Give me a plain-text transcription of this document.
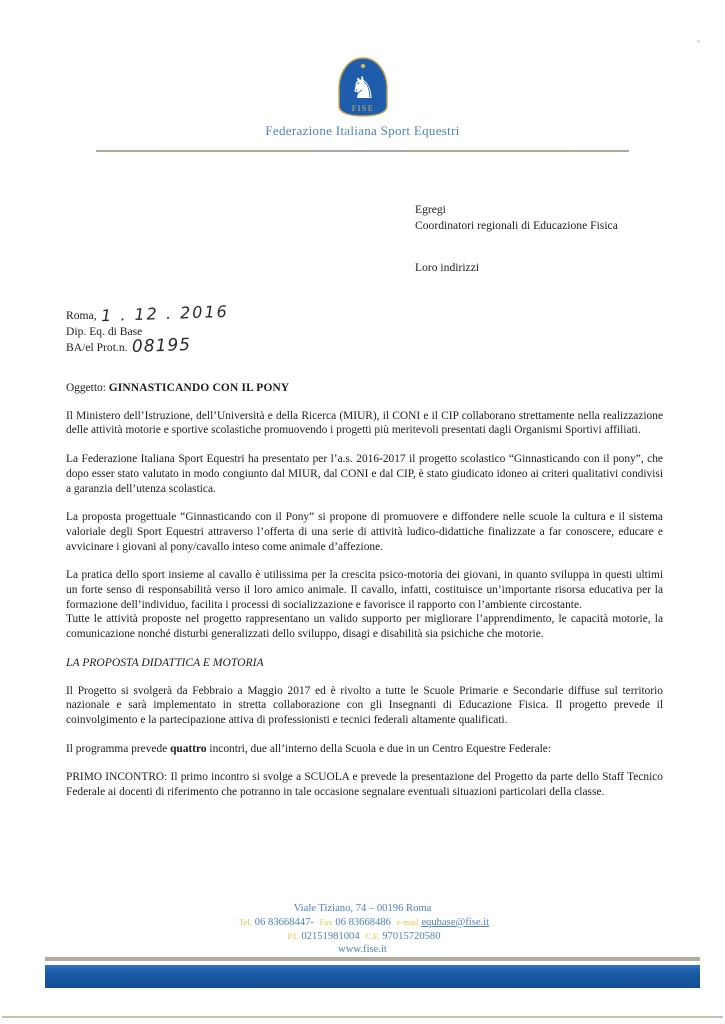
♞
FISE
Federazione Italiana Sport Equestri
Egregi
Coordinatori regionali di Educazione Fisica
Loro indirizzi
Roma, 1 . 12 . 2016
Dip. Eq. di Base
BA/el Prot.n. 08195
Oggetto: GINNASTICANDO CON IL PONY

Il Ministero dell’Istruzione, dell’Università e della Ricerca (MIUR), il CONI e il CIP collaborano strettamente nella realizzazione delle attività motorie e sportive scolastiche promuovendo i progetti più meritevoli presentati dagli Organismi Sportivi affiliati.

La Federazione Italiana Sport Equestri ha presentato per l’a.s. 2016-2017 il progetto scolastico “Ginnasticando con il pony”, che dopo esser stato valutato in modo congiunto dal MIUR, dal CONI e dal CIP, è stato giudicato idoneo ai criteri qualitativi condivisi a garanzia dell’utenza scolastica.

La proposta progettuale “Ginnasticando con il Pony” si propone di promuovere e diffondere nelle scuole la cultura e il sistema valoriale degli Sport Equestri attraverso l’offerta di una serie di attività ludico-didattiche finalizzate a far conoscere, educare e avvicinare i giovani al pony/cavallo inteso come animale d’affezione.

La pratica dello sport insieme al cavallo è utilissima per la crescita psico-motoria dei giovani, in quanto sviluppa in questi ultimi un forte senso di responsabilità verso il loro amico animale. Il cavallo, infatti, costituisce un’importante risorsa educativa per la formazione dell’individuo, facilita i processi di socializzazione e favorisce il rapporto con l’ambiente circostante.

Tutte le attività proposte nel progetto rappresentano un valido supporto per migliorare l’apprendimento, le capacità motorie, la comunicazione nonché disturbi generalizzati dello sviluppo, disagi e disabilità sia psichiche che motorie.

LA PROPOSTA DIDATTICA E MOTORIA

Il Progetto si svolgerà da Febbraio a Maggio 2017 ed è rivolto a tutte le Scuole Primarie e Secondarie diffuse sul territorio nazionale e sarà implementato in stretta collaborazione con gli Insegnanti di Educazione Fisica. Il progetto prevede il coinvolgimento e la partecipazione attiva di professionisti e tecnici federali altamente qualificati.

Il programma prevede quattro incontri, due all’interno della Scuola e due in un Centro Equestre Federale:

PRIMO INCONTRO: Il primo incontro si svolge a SCUOLA e prevede la presentazione del Progetto da parte dello Staff Tecnico Federale ai docenti di riferimento che potranno in tale occasione segnalare eventuali situazioni particolari della classe.

Viale Tiziano, 74 – 00196 Roma
Tel. 06 83668447- Fax 06 83668486 e-mail equbase@fise.it
P.I. 02151981004 C.F. 97015720580
www.fise.it
